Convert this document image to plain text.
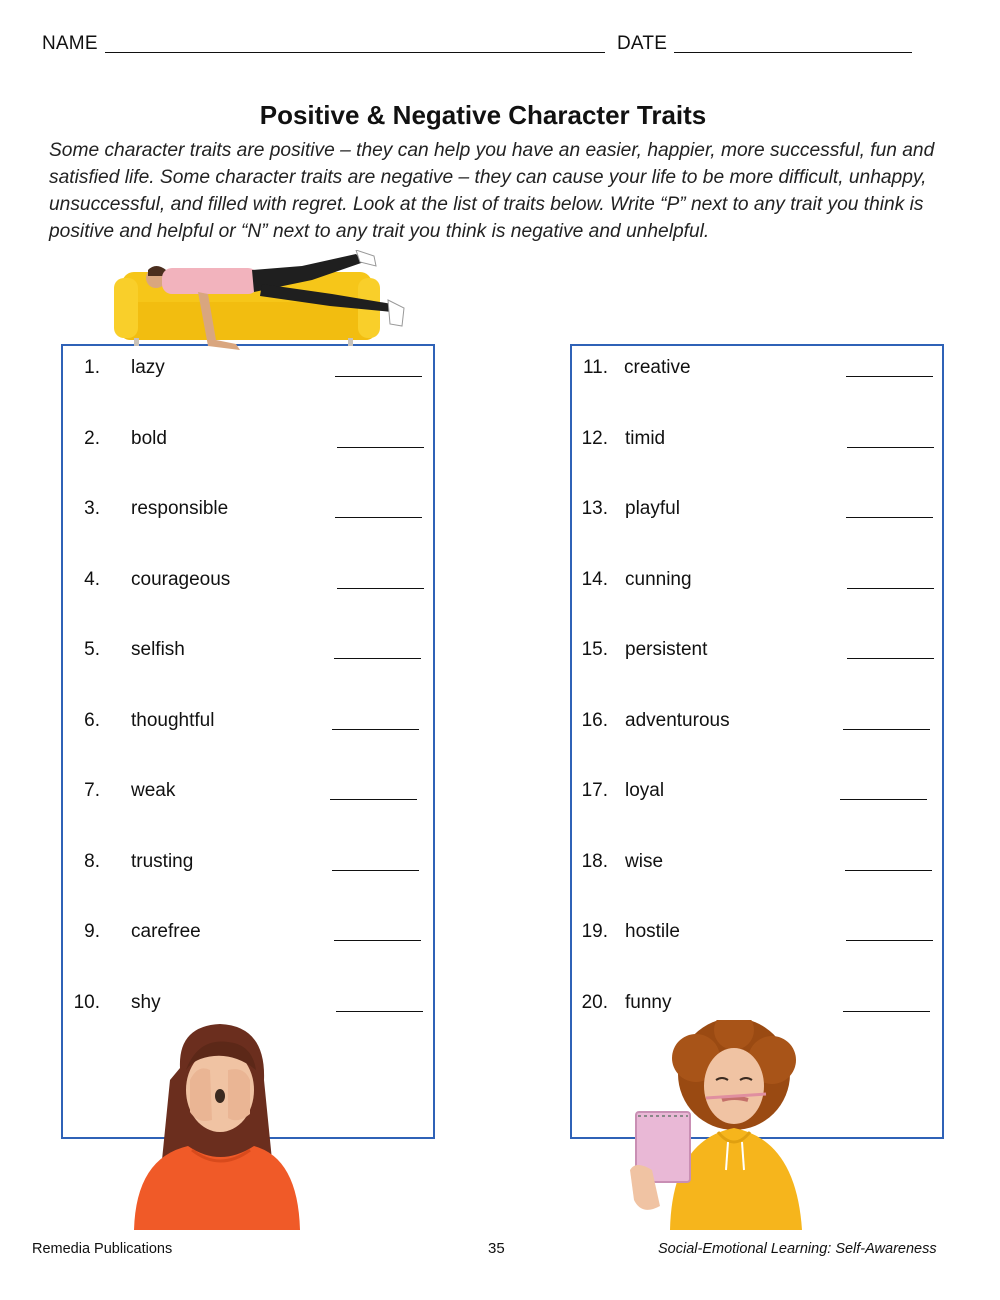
NAME	DATE
Positive & Negative Character Traits
Some character traits are positive – they can help you have an easier, happier, more successful, fun and satisfied life. Some character traits are negative – they can cause your life to be more difficult, unhappy, unsuccessful, and filled with regret. Look at the list of traits below. Write “P” next to any trait you think is positive and helpful or “N” next to any trait you think is negative and unhelpful.
1. lazy
2. bold
3. responsible
4. courageous
5. selfish
6. thoughtful
7. weak
8. trusting
9. carefree
10. shy
11. creative
12. timid
13. playful
14. cunning
15. persistent
16. adventurous
17. loyal
18. wise
19. hostile
20. funny
Remedia Publications	35	Social-Emotional Learning: Self-Awareness
